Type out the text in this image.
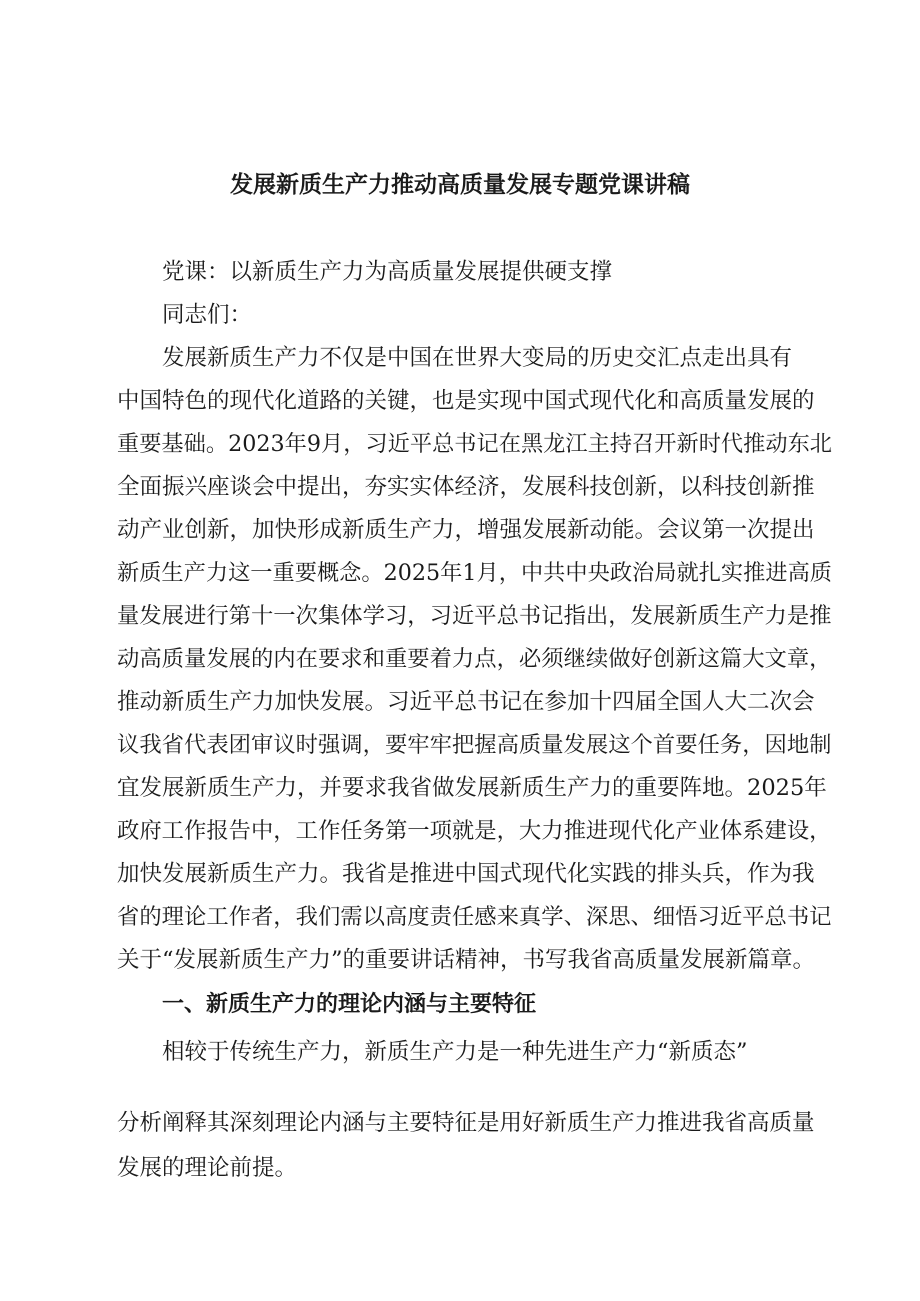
发展新质生产力推动高质量发展专题党课讲稿
党课：以新质生产力为高质量发展提供硬支撑
同志们：
发展新质生产力不仅是中国在世界大变局的历史交汇点走出具有
中国特色的现代化道路的关键，也是实现中国式现代化和高质量发展的
重要基础。2023年9月，习近平总书记在黑龙江主持召开新时代推动东北
全面振兴座谈会中提出，夯实实体经济，发展科技创新，以科技创新推
动产业创新，加快形成新质生产力，增强发展新动能。会议第一次提出
新质生产力这一重要概念。2025年1月，中共中央政治局就扎实推进高质
量发展进行第十一次集体学习，习近平总书记指出，发展新质生产力是推
动高质量发展的内在要求和重要着力点，必须继续做好创新这篇大文章，
推动新质生产力加快发展。习近平总书记在参加十四届全国人大二次会
议我省代表团审议时强调，要牢牢把握高质量发展这个首要任务，因地制
宜发展新质生产力，并要求我省做发展新质生产力的重要阵地。2025年
政府工作报告中，工作任务第一项就是，大力推进现代化产业体系建设，
加快发展新质生产力。我省是推进中国式现代化实践的排头兵，作为我
省的理论工作者，我们需以高度责任感来真学、深思、细悟习近平总书记
关于“发展新质生产力”的重要讲话精神，书写我省高质量发展新篇章。
一、新质生产力的理论内涵与主要特征
相较于传统生产力，新质生产力是一种先进生产力“新质态”
分析阐释其深刻理论内涵与主要特征是用好新质生产力推进我省高质量
发展的理论前提。
